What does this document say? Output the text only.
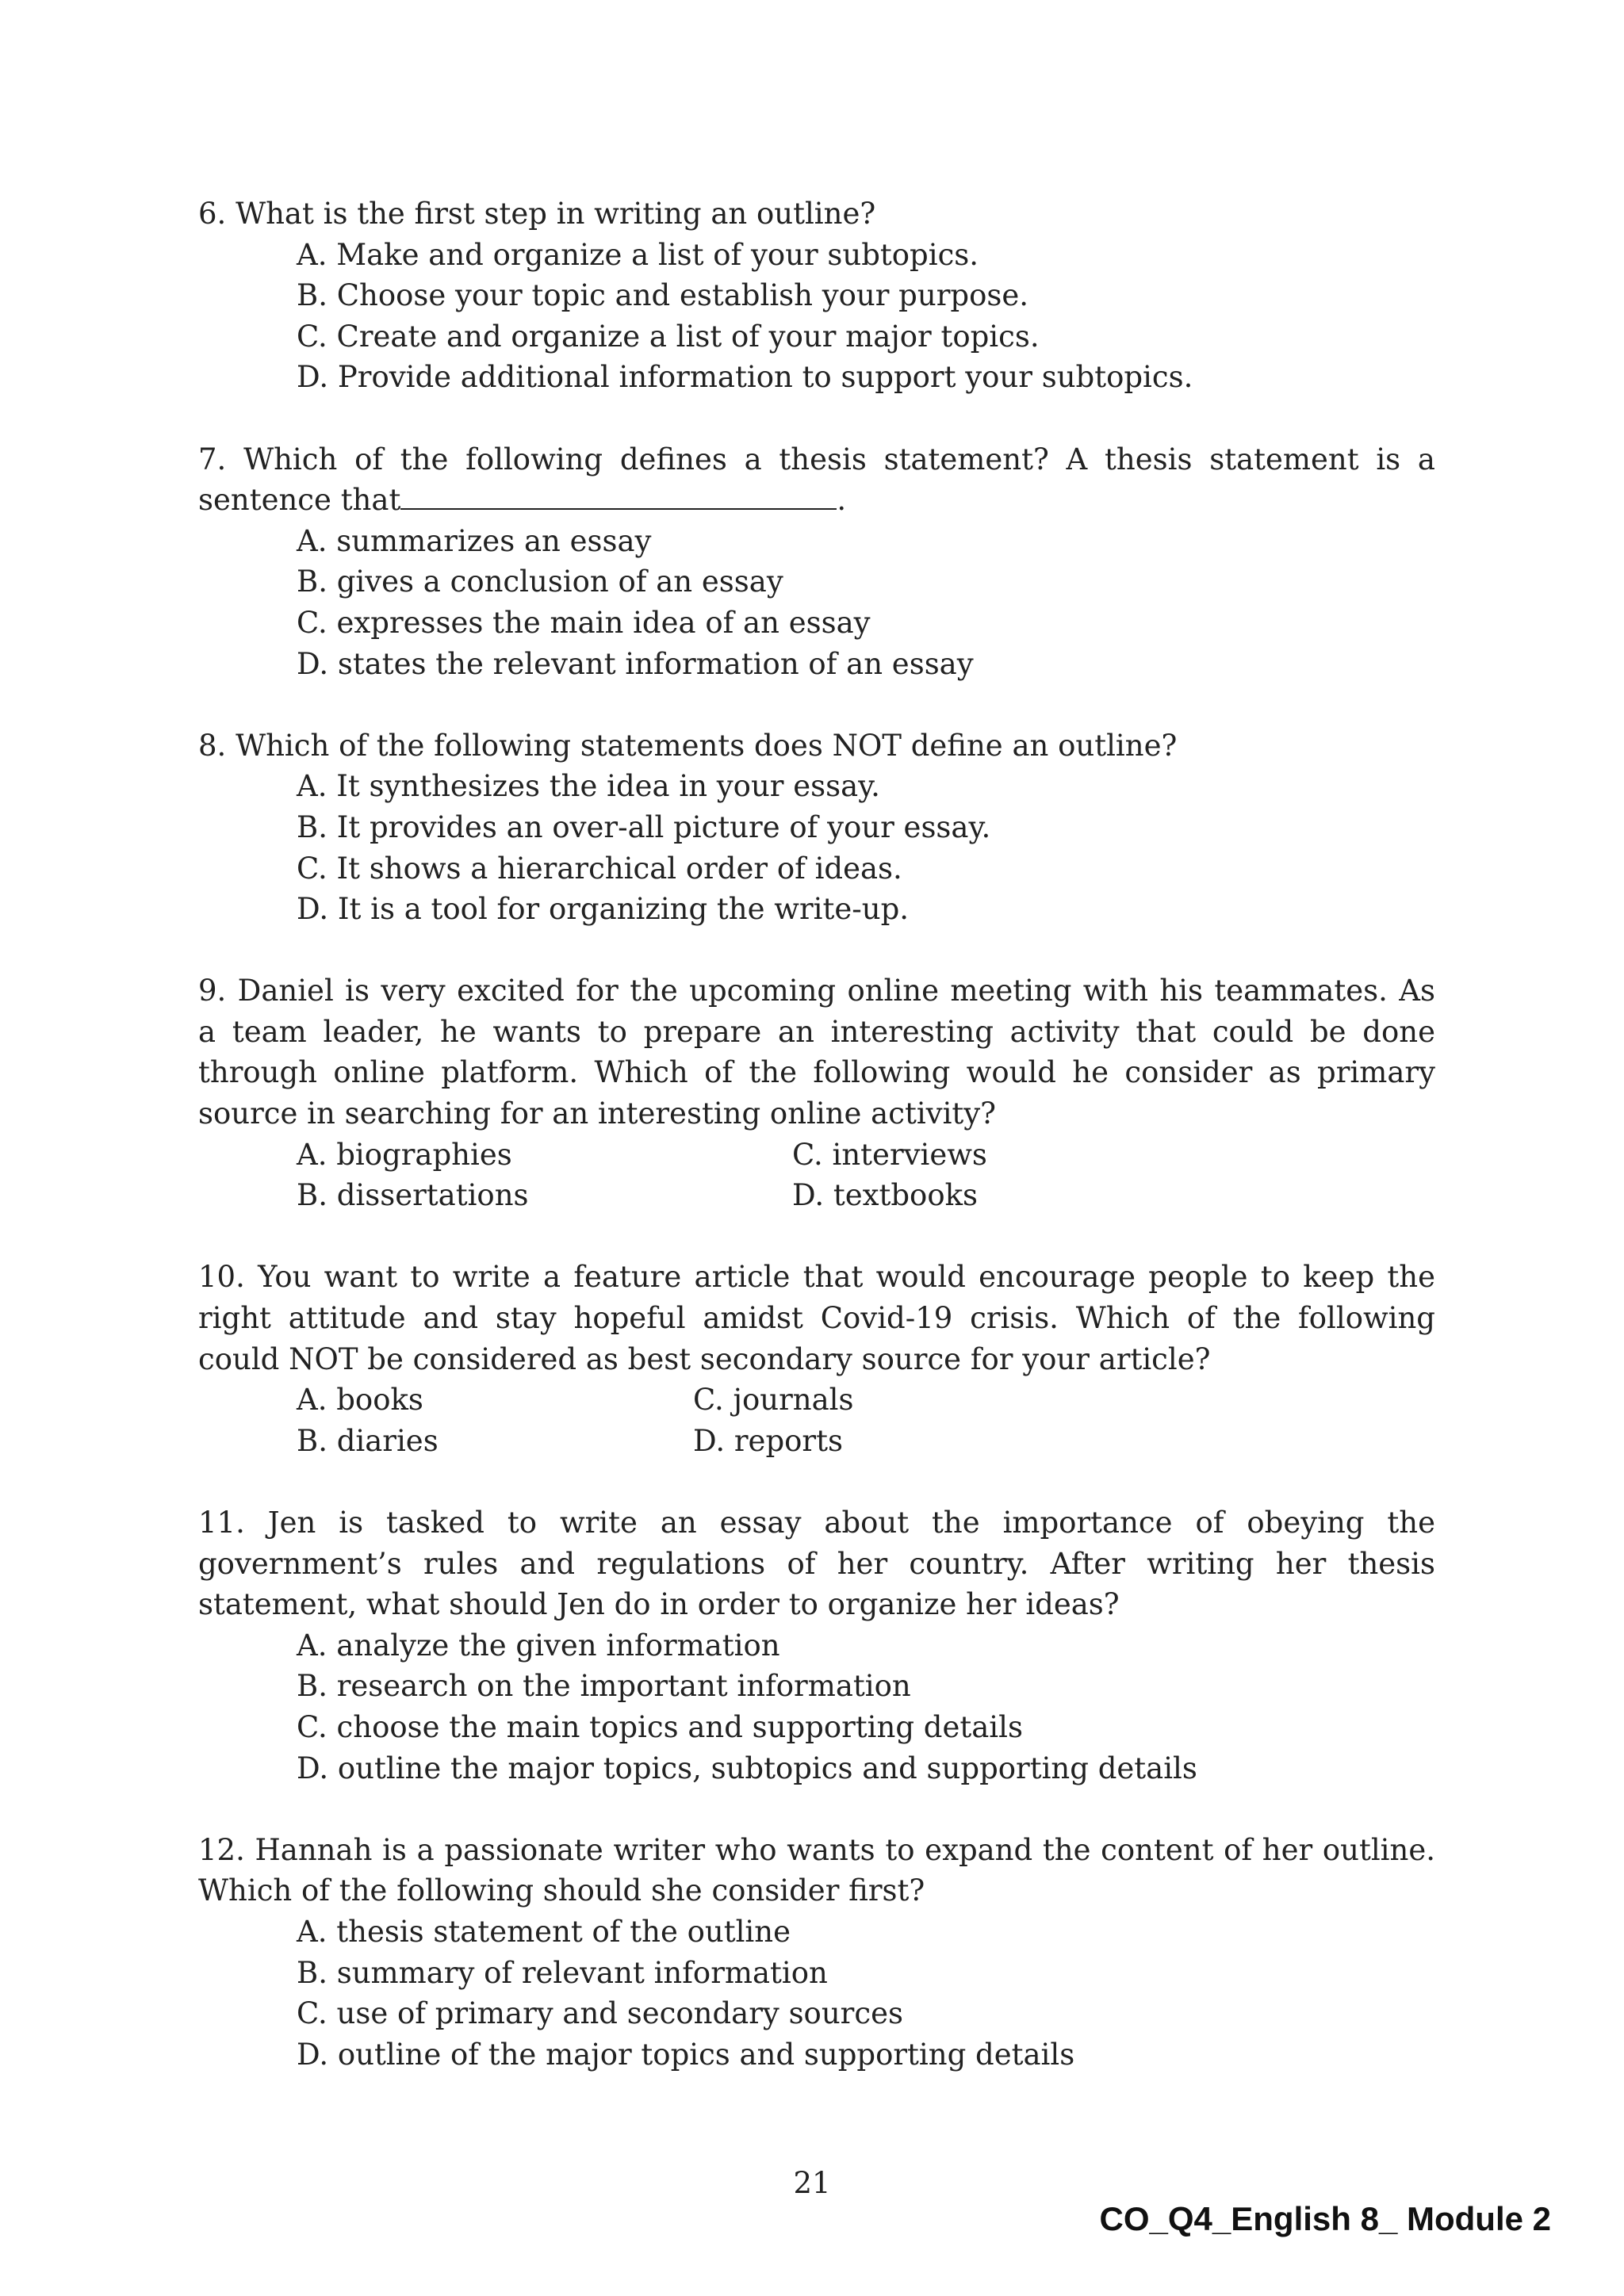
6. What is the first step in writing an outline?
A. Make and organize a list of your subtopics.
B. Choose your topic and establish your purpose.
C. Create and organize a list of your major topics.
D. Provide additional information to support your subtopics.
7. Which of the following defines a thesis statement? A thesis statement is a sentence that	.
A. summarizes an essay
B. gives a conclusion of an essay
C. expresses the main idea of an essay
D. states the relevant information of an essay
8. Which of the following statements does NOT define an outline?
A. It synthesizes the idea in your essay.
B. It provides an over-all picture of your essay.
C. It shows a hierarchical order of ideas.
D. It is a tool for organizing the write-up.
9. Daniel is very excited for the upcoming online meeting with his teammates. As a team leader, he wants to prepare an interesting activity that could be done through online platform. Which of the following would he consider as primary source in searching for an interesting online activity?
A. biographies	C. interviews
B. dissertations	D. textbooks
10. You want to write a feature article that would encourage people to keep the right attitude and stay hopeful amidst Covid-19 crisis. Which of the following could NOT be considered as best secondary source for your article?
A. books	C. journals
B. diaries	D. reports
11. Jen is tasked to write an essay about the importance of obeying the government’s rules and regulations of her country. After writing her thesis statement, what should Jen do in order to organize her ideas?
A. analyze the given information
B. research on the important information
C. choose the main topics and supporting details
D. outline the major topics, subtopics and supporting details
12. Hannah is a passionate writer who wants to expand the content of her outline. Which of the following should she consider first?
A. thesis statement of the outline
B. summary of relevant information
C. use of primary and secondary sources
D. outline of the major topics and supporting details
21
CO_Q4_English 8_ Module 2
